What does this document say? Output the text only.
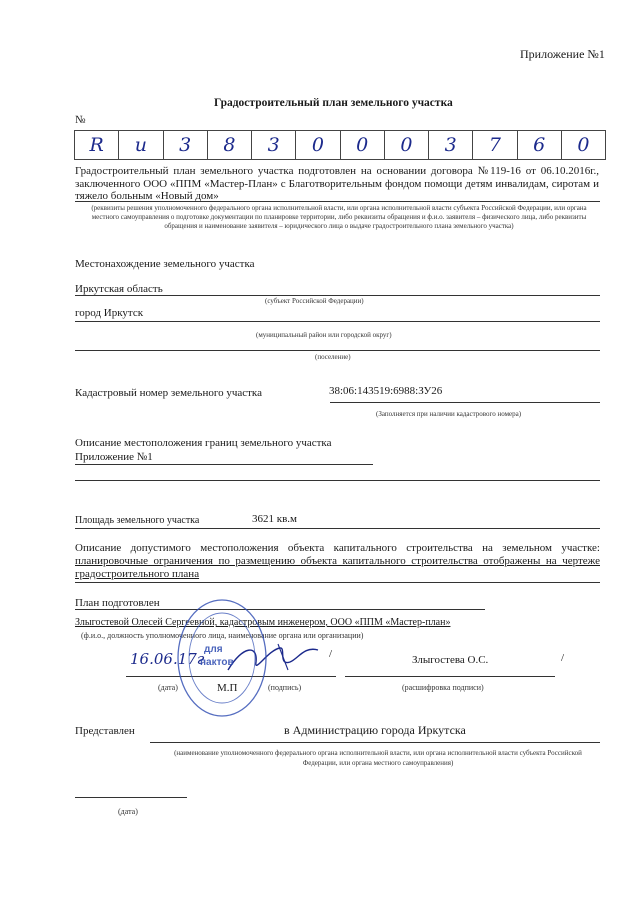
Приложение №1
Градостроительный план земельного участка
№
R	u	3	8	3	0	0	0	3	7	6	0
Градостроительный план земельного участка подготовлен на основании договора №119-16 от 06.10.2016г., заключенного ООО «ППМ «Мастер-План» с Благотворительным фондом помощи детям инвалидам, сиротам и тяжело больным «Новый дом»
(реквизиты решения уполномоченного федерального органа исполнительной власти, или органа исполнительной власти субъекта Российской Федерации, или органа местного самоуправления о подготовке документации по планировке территории, либо реквизиты обращения и ф.и.о. заявителя – физического лица, либо реквизиты обращения и наименование заявителя – юридического лица о выдаче градостроительного плана земельного участка)
Местонахождение земельного участка
Иркутская область
(субъект Российской Федерации)
город Иркутск
(муниципальный район или городской округ)
(поселение)
Кадастровый номер земельного участка	38:06:143519:6988:ЗУ26
(Заполняется при наличии кадастрового номера)
Описание местоположения границ земельного участка
Приложение №1
Площадь земельного участка	3621 кв.м
Описание допустимого местоположения объекта капитального строительства на земельном участке: планировочные ограничения по размещению объекта капитального строительства отображены на чертеже градостроительного плана
План подготовлен
Злыгостевой Олесей Сергеевной, кадастровым инженером, ООО «ППМ «Мастер-план»
(ф.и.о., должность уполномоченного лица, наименование органа или организации)
/	Злыгостева О.С.	/
(дата)	М.П	(подпись)	(расшифровка подписи)
16.06.17г
для
пактов
Представлен	в Администрацию города Иркутска
(наименование уполномоченного федерального органа исполнительной власти, или органа исполнительной власти субъекта Российской Федерации, или органа местного самоуправления)
(дата)
